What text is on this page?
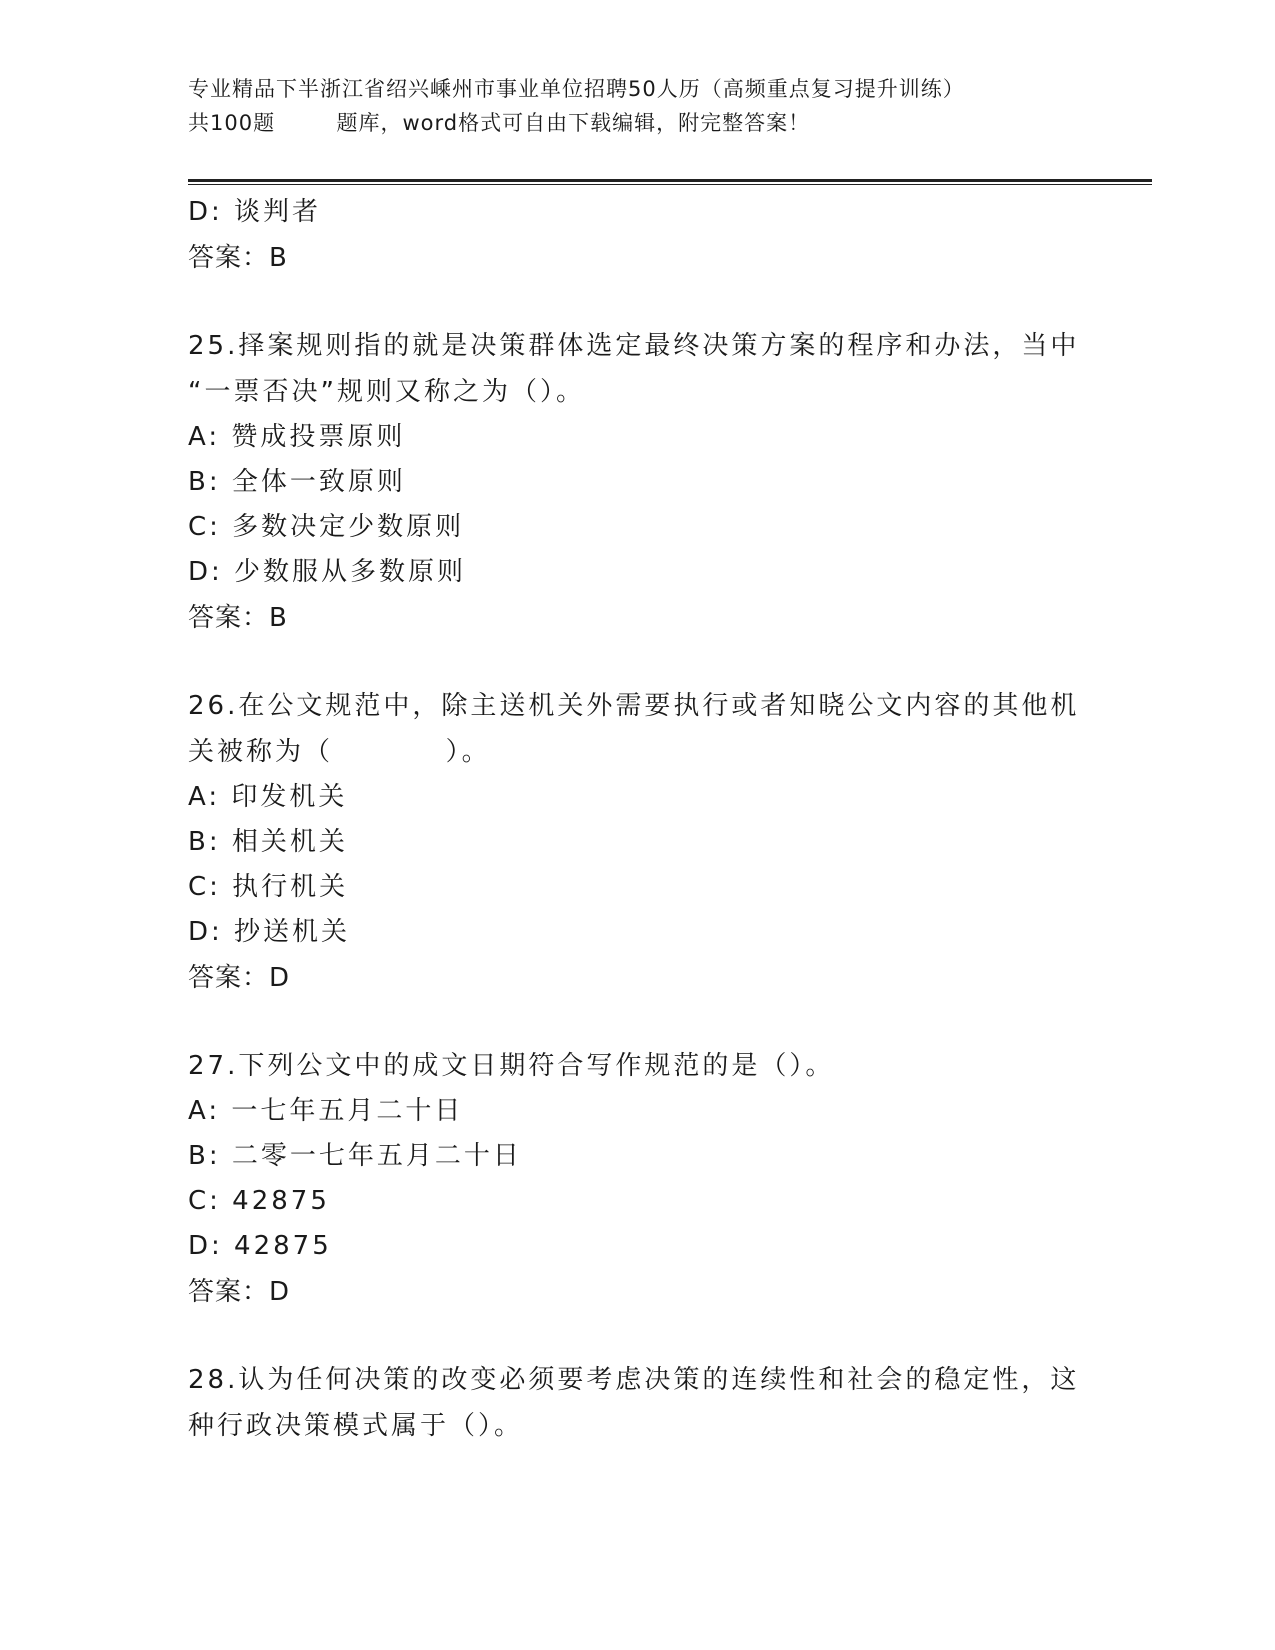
专业精品下半浙江省绍兴嵊州市事业单位招聘50人历（高频重点复习提升训练）
共100题        题库，word格式可自由下载编辑，附完整答案！
D: 谈判者
答案：B
25.择案规则指的就是决策群体选定最终决策方案的程序和办法，当中
“一票否决”规则又称之为（）。
A: 赞成投票原则
B: 全体一致原则
C: 多数决定少数原则
D: 少数服从多数原则
答案：B
26.在公文规范中，除主送机关外需要执行或者知晓公文内容的其他机
关被称为（          ）。
A: 印发机关
B: 相关机关
C: 执行机关
D: 抄送机关
答案：D
27.下列公文中的成文日期符合写作规范的是（）。
A: 一七年五月二十日
B: 二零一七年五月二十日
C: 42875
D: 42875
答案：D
28.认为任何决策的改变必须要考虑决策的连续性和社会的稳定性，这
种行政决策模式属于（）。
